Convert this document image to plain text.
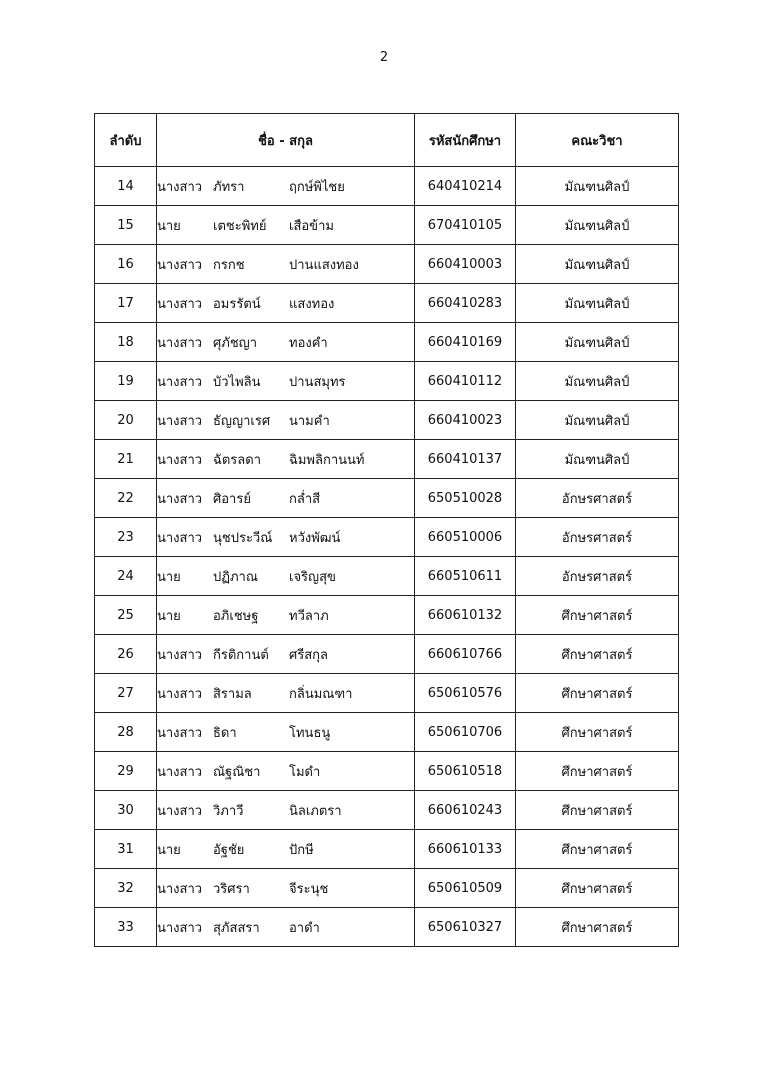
2
ลำดับ	ชื่อ - สกุล	รหัสนักศึกษา	คณะวิชา
14	นางสาว ภัทรา ฤกษ์พิไชย	640410214	มัณฑนศิลป์
15	นาย เตชะพิทย์ เสือข้าม	670410105	มัณฑนศิลป์
16	นางสาว กรกช ปานแสงทอง	660410003	มัณฑนศิลป์
17	นางสาว อมรรัตน์ แสงทอง	660410283	มัณฑนศิลป์
18	นางสาว ศุภัชญา ทองคำ	660410169	มัณฑนศิลป์
19	นางสาว บัวไพลิน ปานสมุทร	660410112	มัณฑนศิลป์
20	นางสาว ธัญญาเรศ นามคำ	660410023	มัณฑนศิลป์
21	นางสาว ฉัตรลดา ฉิมพลิกานนท์	660410137	มัณฑนศิลป์
22	นางสาว ศิอารย์ กล่ำสี	650510028	อักษรศาสตร์
23	นางสาว นุชประวีณ์ หวังพัฒน์	660510006	อักษรศาสตร์
24	นาย ปฏิภาณ เจริญสุข	660510611	อักษรศาสตร์
25	นาย อภิเชษฐ ทวีลาภ	660610132	ศึกษาศาสตร์
26	นางสาว กีรติกานต์ ศรีสกุล	660610766	ศึกษาศาสตร์
27	นางสาว สิรามล กลิ่นมณฑา	650610576	ศึกษาศาสตร์
28	นางสาว ธิดา โทนธนู	650610706	ศึกษาศาสตร์
29	นางสาว ณัฐณิชา โมดำ	650610518	ศึกษาศาสตร์
30	นางสาว วิภาวี นิลเภตรา	660610243	ศึกษาศาสตร์
31	นาย อัฐชัย ปักษี	660610133	ศึกษาศาสตร์
32	นางสาว วริศรา จีระนุช	650610509	ศึกษาศาสตร์
33	นางสาว สุภัสสรา อาดำ	650610327	ศึกษาศาสตร์
